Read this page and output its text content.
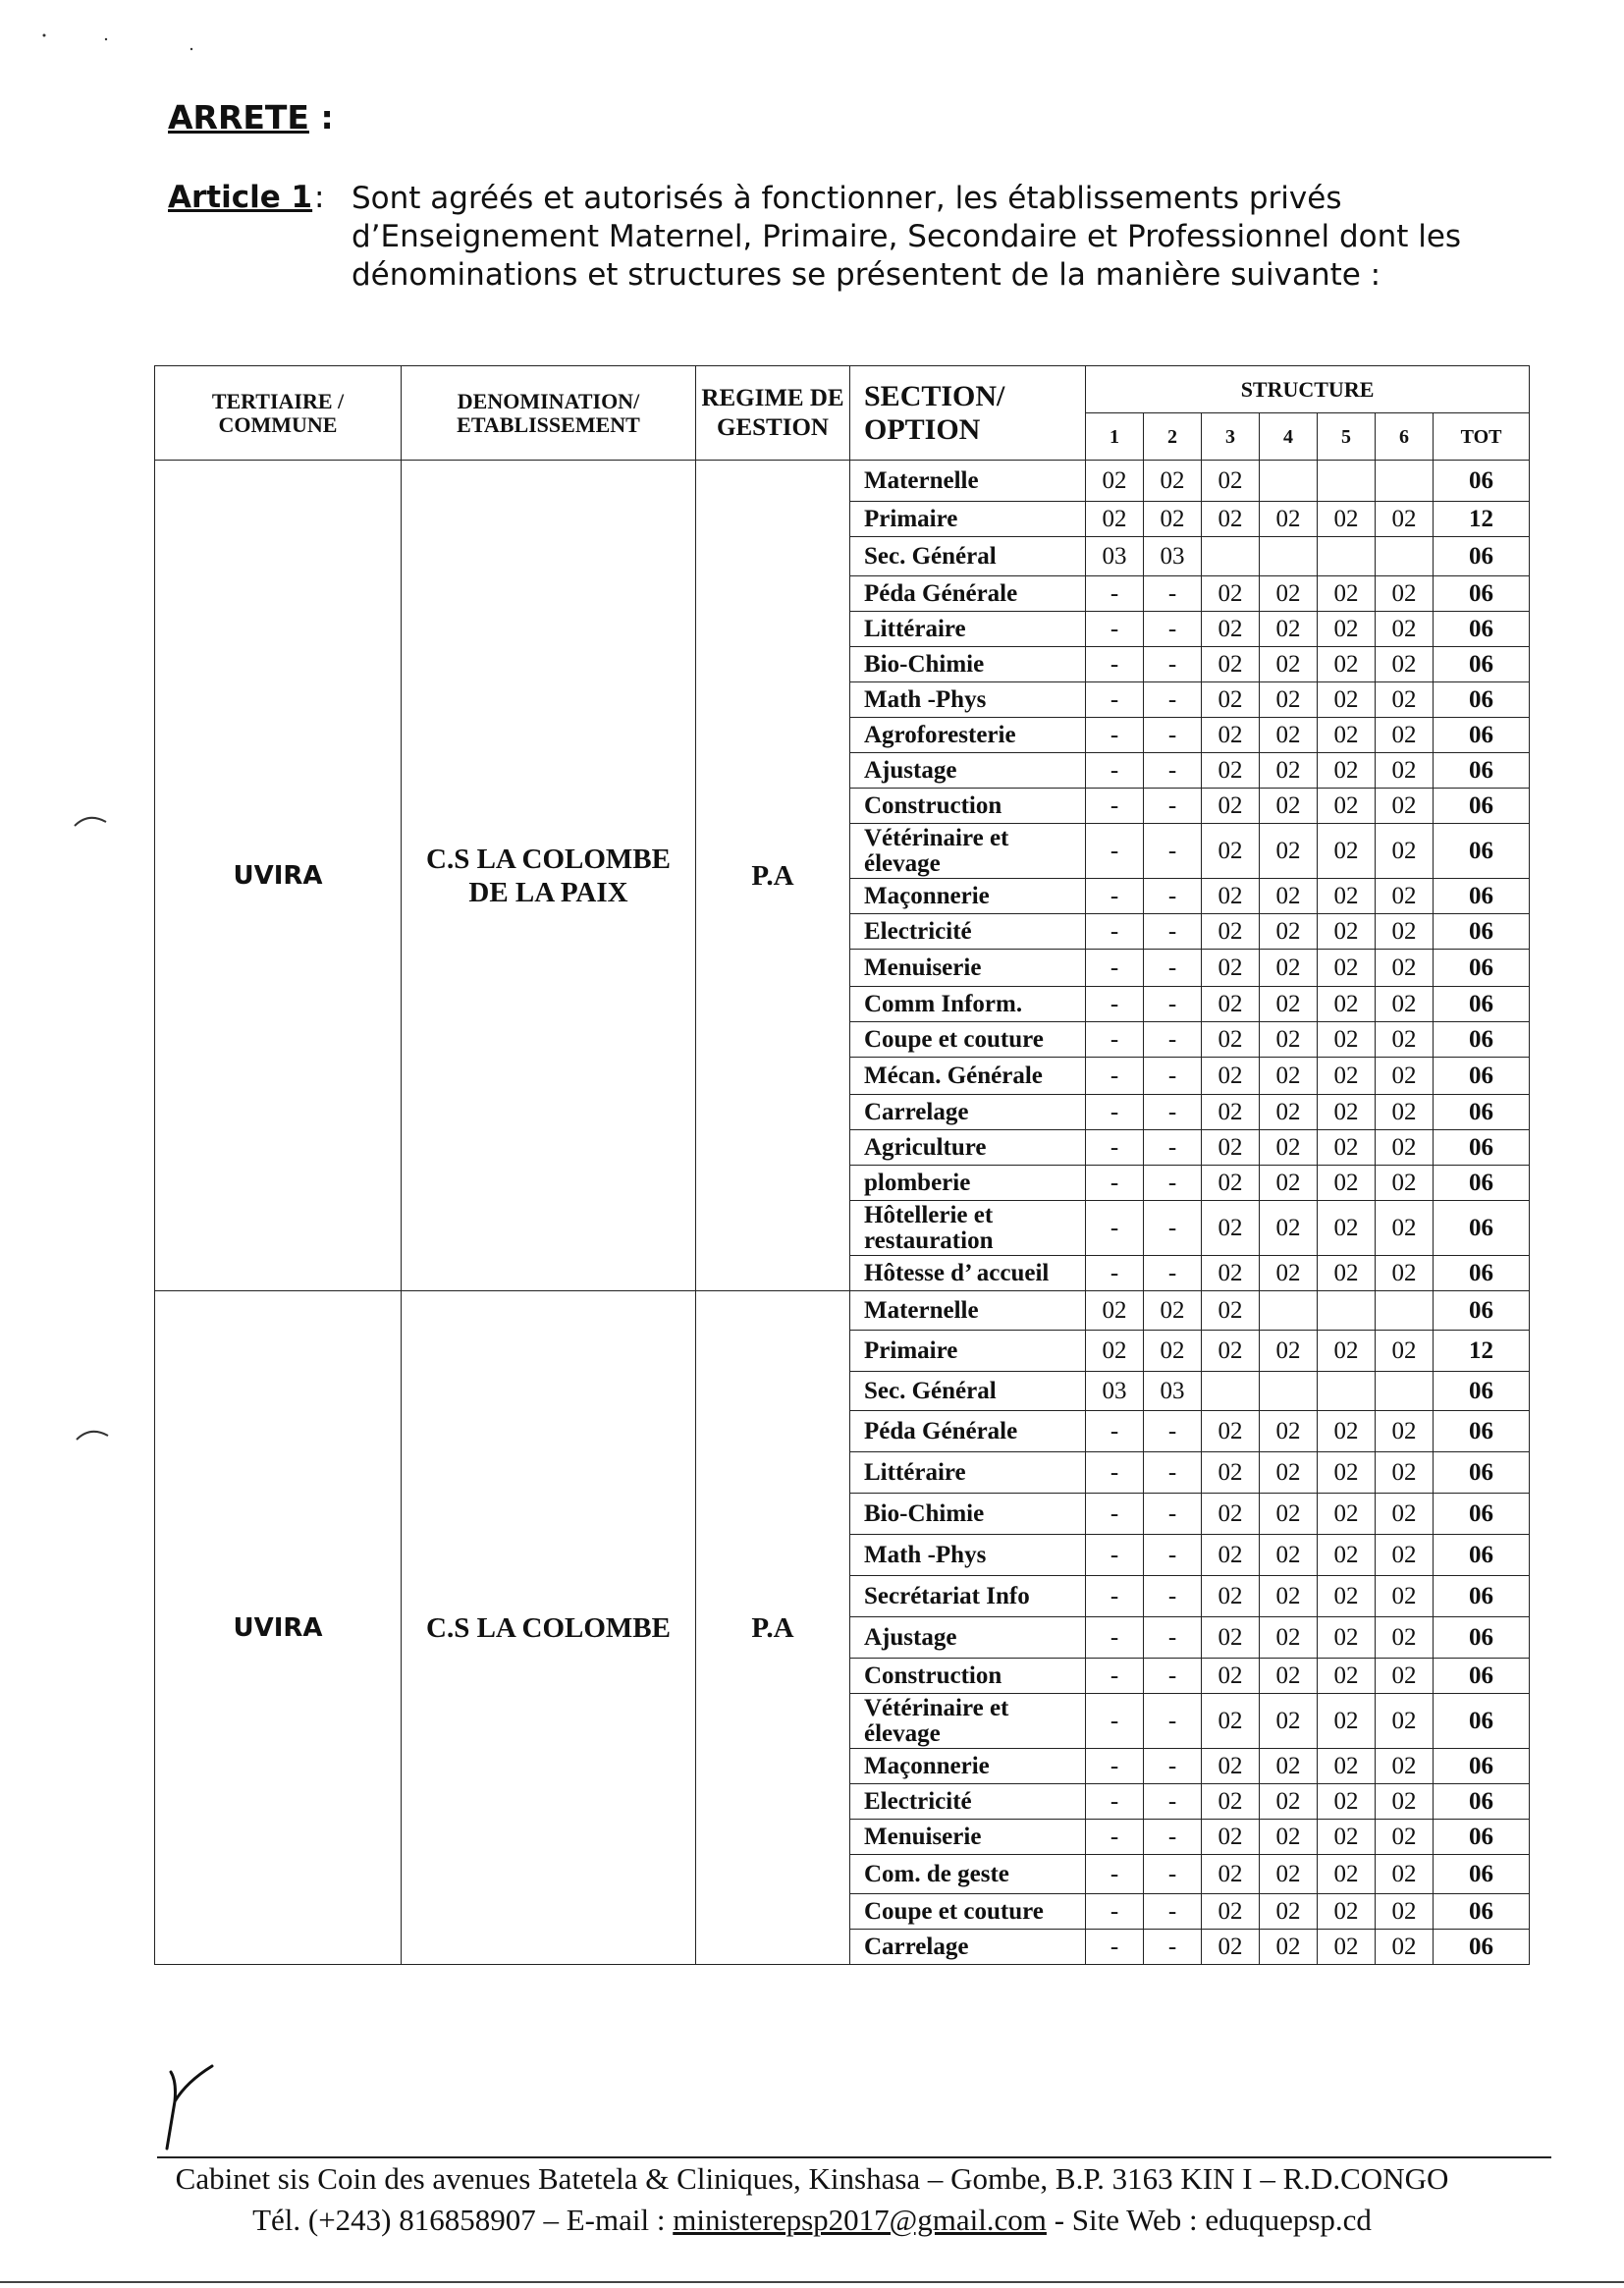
ARRETE :
Article 1 : Sont agréés et autorisés à fonctionner, les établissements privés d’Enseignement Maternel, Primaire, Secondaire et Professionnel dont les dénominations et structures se présentent de la manière suivante :
TERTIAIRE / COMMUNE	DENOMINATION/ ETABLISSEMENT	REGIME DE GESTION	SECTION/ OPTION	STRUCTURE						
				1	2	3	4	5	6	TOT
UVIRA	C.S LA COLOMBE DE LA PAIX	P.A	Maternelle	02	02	02				06
			Primaire	02	02	02	02	02	02	12
			Sec. Général	03	03					06
			Péda Générale	-	-	02	02	02	02	06
			Littéraire	-	-	02	02	02	02	06
			Bio-Chimie	-	-	02	02	02	02	06
			Math -Phys	-	-	02	02	02	02	06
			Agroforesterie	-	-	02	02	02	02	06
			Ajustage	-	-	02	02	02	02	06
			Construction	-	-	02	02	02	02	06
			Vétérinaire et élevage	-	-	02	02	02	02	06
			Maçonnerie	-	-	02	02	02	02	06
			Electricité	-	-	02	02	02	02	06
			Menuiserie	-	-	02	02	02	02	06
			Comm Inform.	-	-	02	02	02	02	06
			Coupe et couture	-	-	02	02	02	02	06
			Mécan. Générale	-	-	02	02	02	02	06
			Carrelage	-	-	02	02	02	02	06
			Agriculture	-	-	02	02	02	02	06
			plomberie	-	-	02	02	02	02	06
			Hôtellerie et restauration	-	-	02	02	02	02	06
			Hôtesse d’ accueil	-	-	02	02	02	02	06
UVIRA	C.S LA COLOMBE	P.A	Maternelle	02	02	02				06
			Primaire	02	02	02	02	02	02	12
			Sec. Général	03	03					06
			Péda Générale	-	-	02	02	02	02	06
			Littéraire	-	-	02	02	02	02	06
			Bio-Chimie	-	-	02	02	02	02	06
			Math -Phys	-	-	02	02	02	02	06
			Secrétariat Info	-	-	02	02	02	02	06
			Ajustage	-	-	02	02	02	02	06
			Construction	-	-	02	02	02	02	06
			Vétérinaire et élevage	-	-	02	02	02	02	06
			Maçonnerie	-	-	02	02	02	02	06
			Electricité	-	-	02	02	02	02	06
			Menuiserie	-	-	02	02	02	02	06
			Com. de geste	-	-	02	02	02	02	06
			Coupe et couture	-	-	02	02	02	02	06
			Carrelage	-	-	02	02	02	02	06
Cabinet sis Coin des avenues Batetela & Cliniques, Kinshasa – Gombe, B.P. 3163 KIN I – R.D.CONGO
Tél. (+243) 816858907 – E-mail : ministerepsp2017@gmail.com - Site Web : eduquepsp.cd
